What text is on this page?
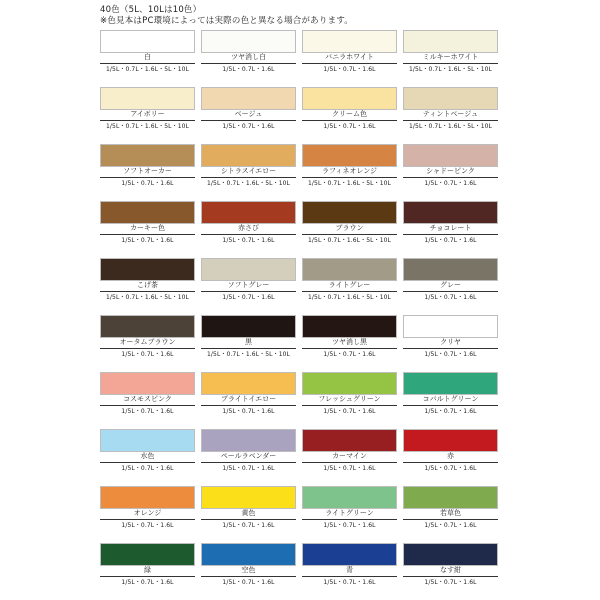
40色（5L、10Lは10色）
※色見本はPC環境によっては実際の色と異なる場合があります。
白
1/5L・0.7L・1.6L・5L・10L
ツヤ消し白
1/5L・0.7L・1.6L
バニラホワイト
1/5L・0.7L・1.6L
ミルキーホワイト
1/5L・0.7L・1.6L・5L・10L
アイボリー
1/5L・0.7L・1.6L・5L・10L
ベージュ
1/5L・0.7L・1.6L
クリーム色
1/5L・0.7L・1.6L
ティントベージュ
1/5L・0.7L・1.6L・5L・10L
ソフトオーカー
1/5L・0.7L・1.6L
シトラスイエロー
1/5L・0.7L・1.6L・5L・10L
ラフィネオレンジ
1/5L・0.7L・1.6L・5L・10L
シャドーピンク
1/5L・0.7L・1.6L
カーキー色
1/5L・0.7L・1.6L
赤さび
1/5L・0.7L・1.6L
ブラウン
1/5L・0.7L・1.6L・5L・10L
チョコレート
1/5L・0.7L・1.6L
こげ茶
1/5L・0.7L・1.6L・5L・10L
ソフトグレー
1/5L・0.7L・1.6L
ライトグレー
1/5L・0.7L・1.6L・5L・10L
グレー
1/5L・0.7L・1.6L
オータムブラウン
1/5L・0.7L・1.6L
黒
1/5L・0.7L・1.6L・5L・10L
ツヤ消し黒
1/5L・0.7L・1.6L
クリヤ
1/5L・0.7L・1.6L
コスモスピンク
1/5L・0.7L・1.6L
ブライトイエロー
1/5L・0.7L・1.6L
フレッシュグリーン
1/5L・0.7L・1.6L
コバルトグリーン
1/5L・0.7L・1.6L
水色
1/5L・0.7L・1.6L
ペールラベンダー
1/5L・0.7L・1.6L
カーマイン
1/5L・0.7L・1.6L
赤
1/5L・0.7L・1.6L
オレンジ
1/5L・0.7L・1.6L
黄色
1/5L・0.7L・1.6L
ライトグリーン
1/5L・0.7L・1.6L
若草色
1/5L・0.7L・1.6L
緑
1/5L・0.7L・1.6L
空色
1/5L・0.7L・1.6L
青
1/5L・0.7L・1.6L
なす紺
1/5L・0.7L・1.6L
